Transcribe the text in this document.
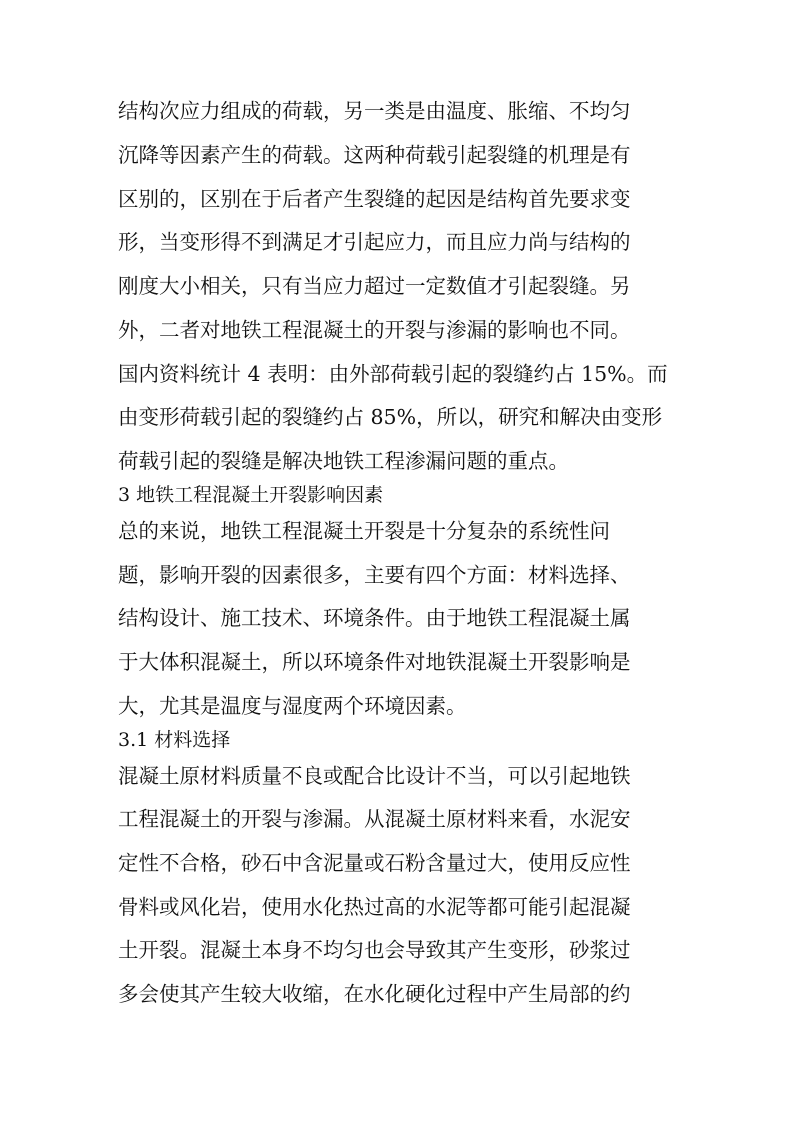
结构次应力组成的荷载，另一类是由温度、胀缩、不均匀
沉降等因素产生的荷载。这两种荷载引起裂缝的机理是有
区别的，区别在于后者产生裂缝的起因是结构首先要求变
形，当变形得不到满足才引起应力，而且应力尚与结构的
刚度大小相关，只有当应力超过一定数值才引起裂缝。另
外，二者对地铁工程混凝土的开裂与渗漏的影响也不同。
国内资料统计 4 表明：由外部荷载引起的裂缝约占 15%。而
由变形荷载引起的裂缝约占 85%，所以，研究和解决由变形
荷载引起的裂缝是解决地铁工程渗漏问题的重点。
3 地铁工程混凝土开裂影响因素
总的来说，地铁工程混凝土开裂是十分复杂的系统性问
题，影响开裂的因素很多，主要有四个方面：材料选择、
结构设计、施工技术、环境条件。由于地铁工程混凝土属
于大体积混凝土，所以环境条件对地铁混凝土开裂影响是
大，尤其是温度与湿度两个环境因素。
3.1 材料选择
混凝土原材料质量不良或配合比设计不当，可以引起地铁
工程混凝土的开裂与渗漏。从混凝土原材料来看，水泥安
定性不合格，砂石中含泥量或石粉含量过大，使用反应性
骨料或风化岩，使用水化热过高的水泥等都可能引起混凝
土开裂。混凝土本身不均匀也会导致其产生变形，砂浆过
多会使其产生较大收缩，在水化硬化过程中产生局部的约
